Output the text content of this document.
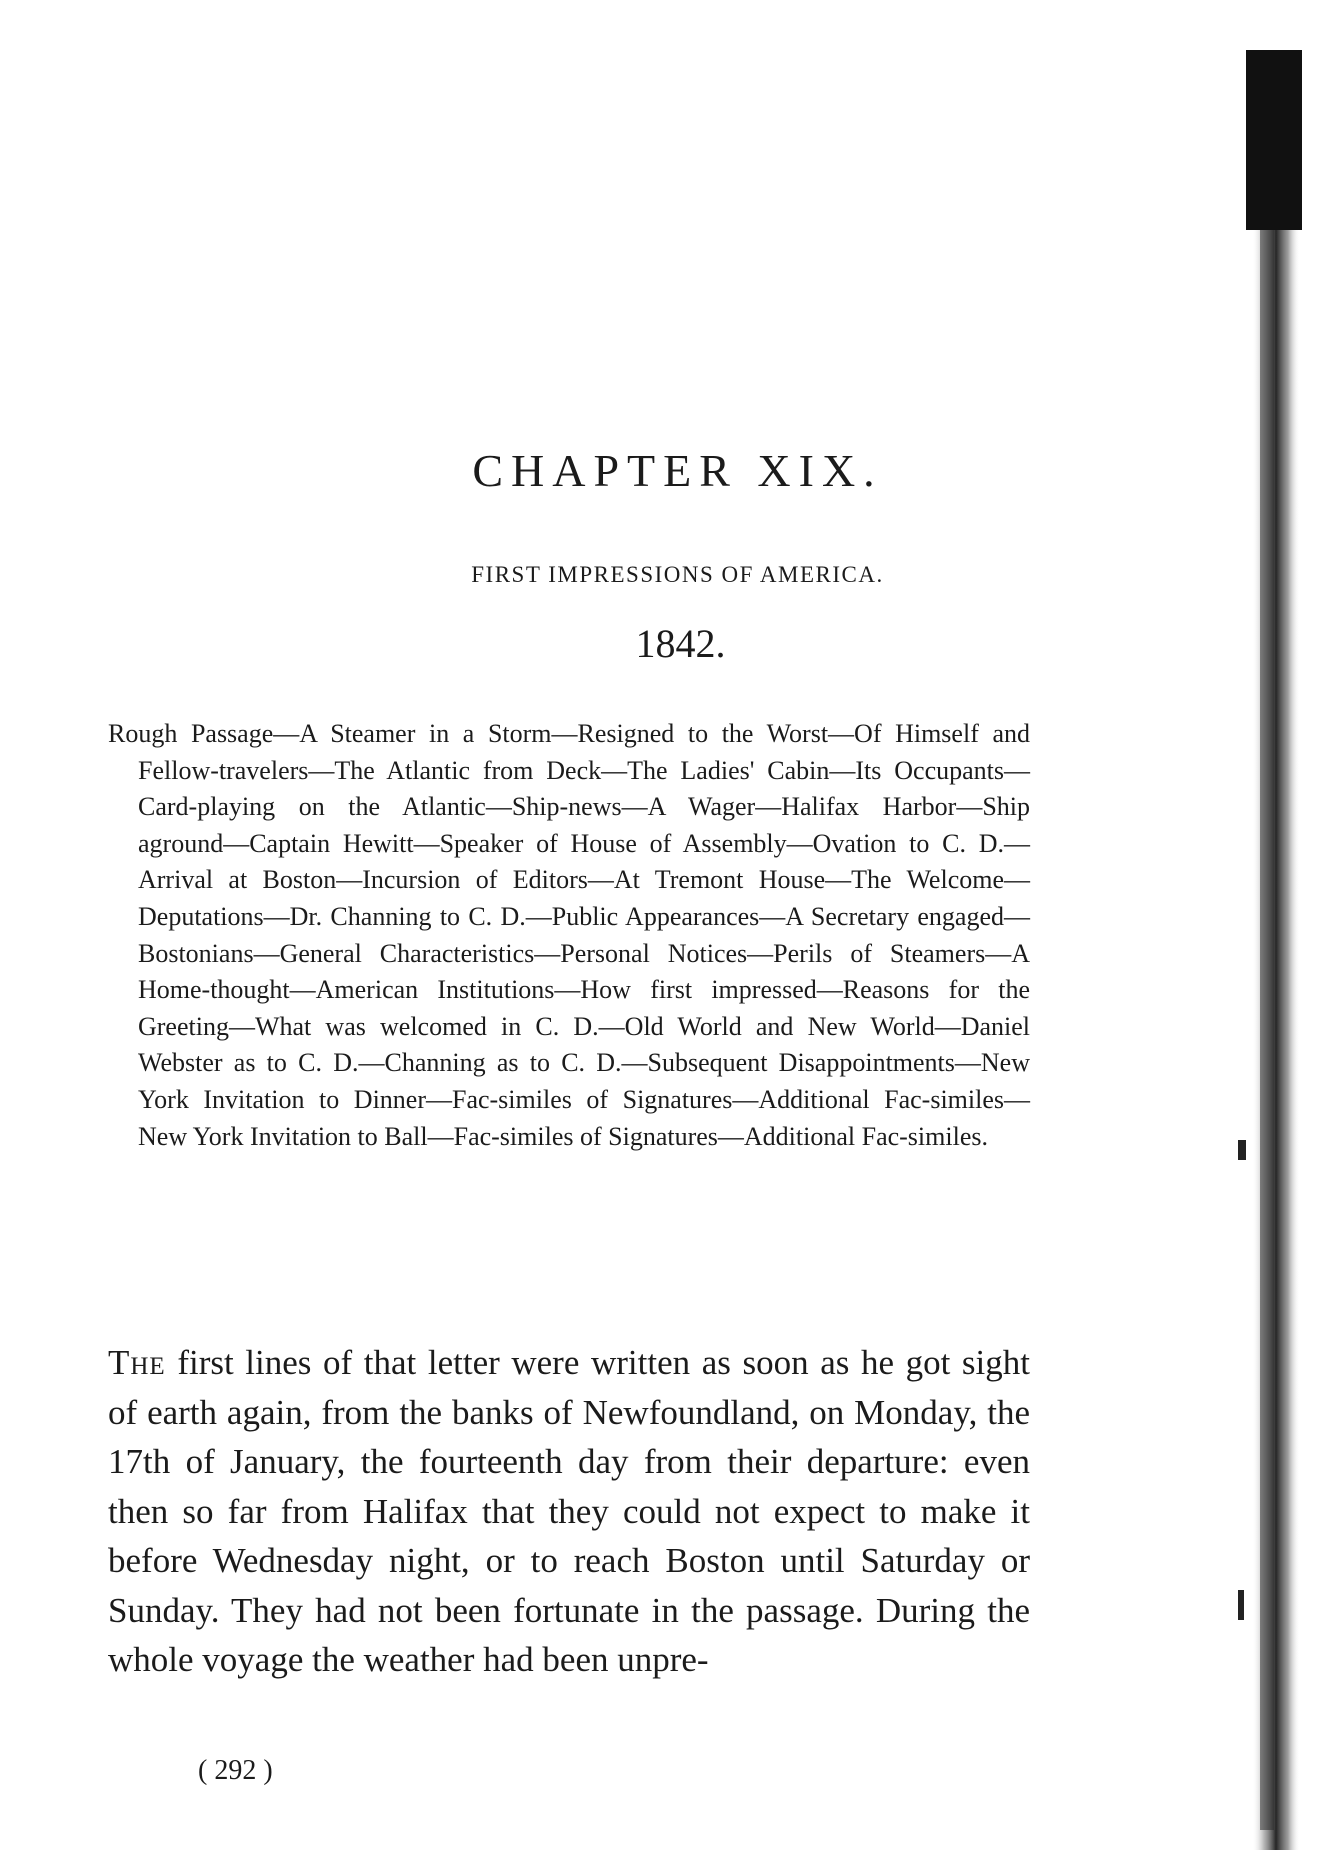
CHAPTER XIX.
FIRST IMPRESSIONS OF AMERICA.
1842.

Rough Passage—A Steamer in a Storm—Resigned to the Worst—Of Himself and Fellow-travelers—The Atlantic from Deck—The Ladies' Cabin—Its Occupants—Card-playing on the Atlantic—Ship-news—A Wager—Halifax Harbor—Ship aground—Captain Hewitt—Speaker of House of Assembly—Ovation to C. D.—Arrival at Boston—Incursion of Editors—At Tremont House—The Welcome—Deputations—Dr. Channing to C. D.—Public Appearances—A Secretary engaged—Bostonians—General Characteristics—Personal Notices—Perils of Steamers—A Home-thought—American Institutions—How first impressed—Reasons for the Greeting—What was welcomed in C. D.—Old World and New World—Daniel Webster as to C. D.—Channing as to C. D.—Subsequent Disappointments—New York Invitation to Dinner—Fac-similes of Signatures—Additional Fac-similes—New York Invitation to Ball—Fac-similes of Signatures—Additional Fac-similes.

The first lines of that letter were written as soon as he got sight of earth again, from the banks of Newfoundland, on Monday, the 17th of January, the fourteenth day from their departure: even then so far from Halifax that they could not expect to make it before Wednesday night, or to reach Boston until Saturday or Sunday. They had not been fortunate in the passage. During the whole voyage the weather had been unpre-

( 292 )
